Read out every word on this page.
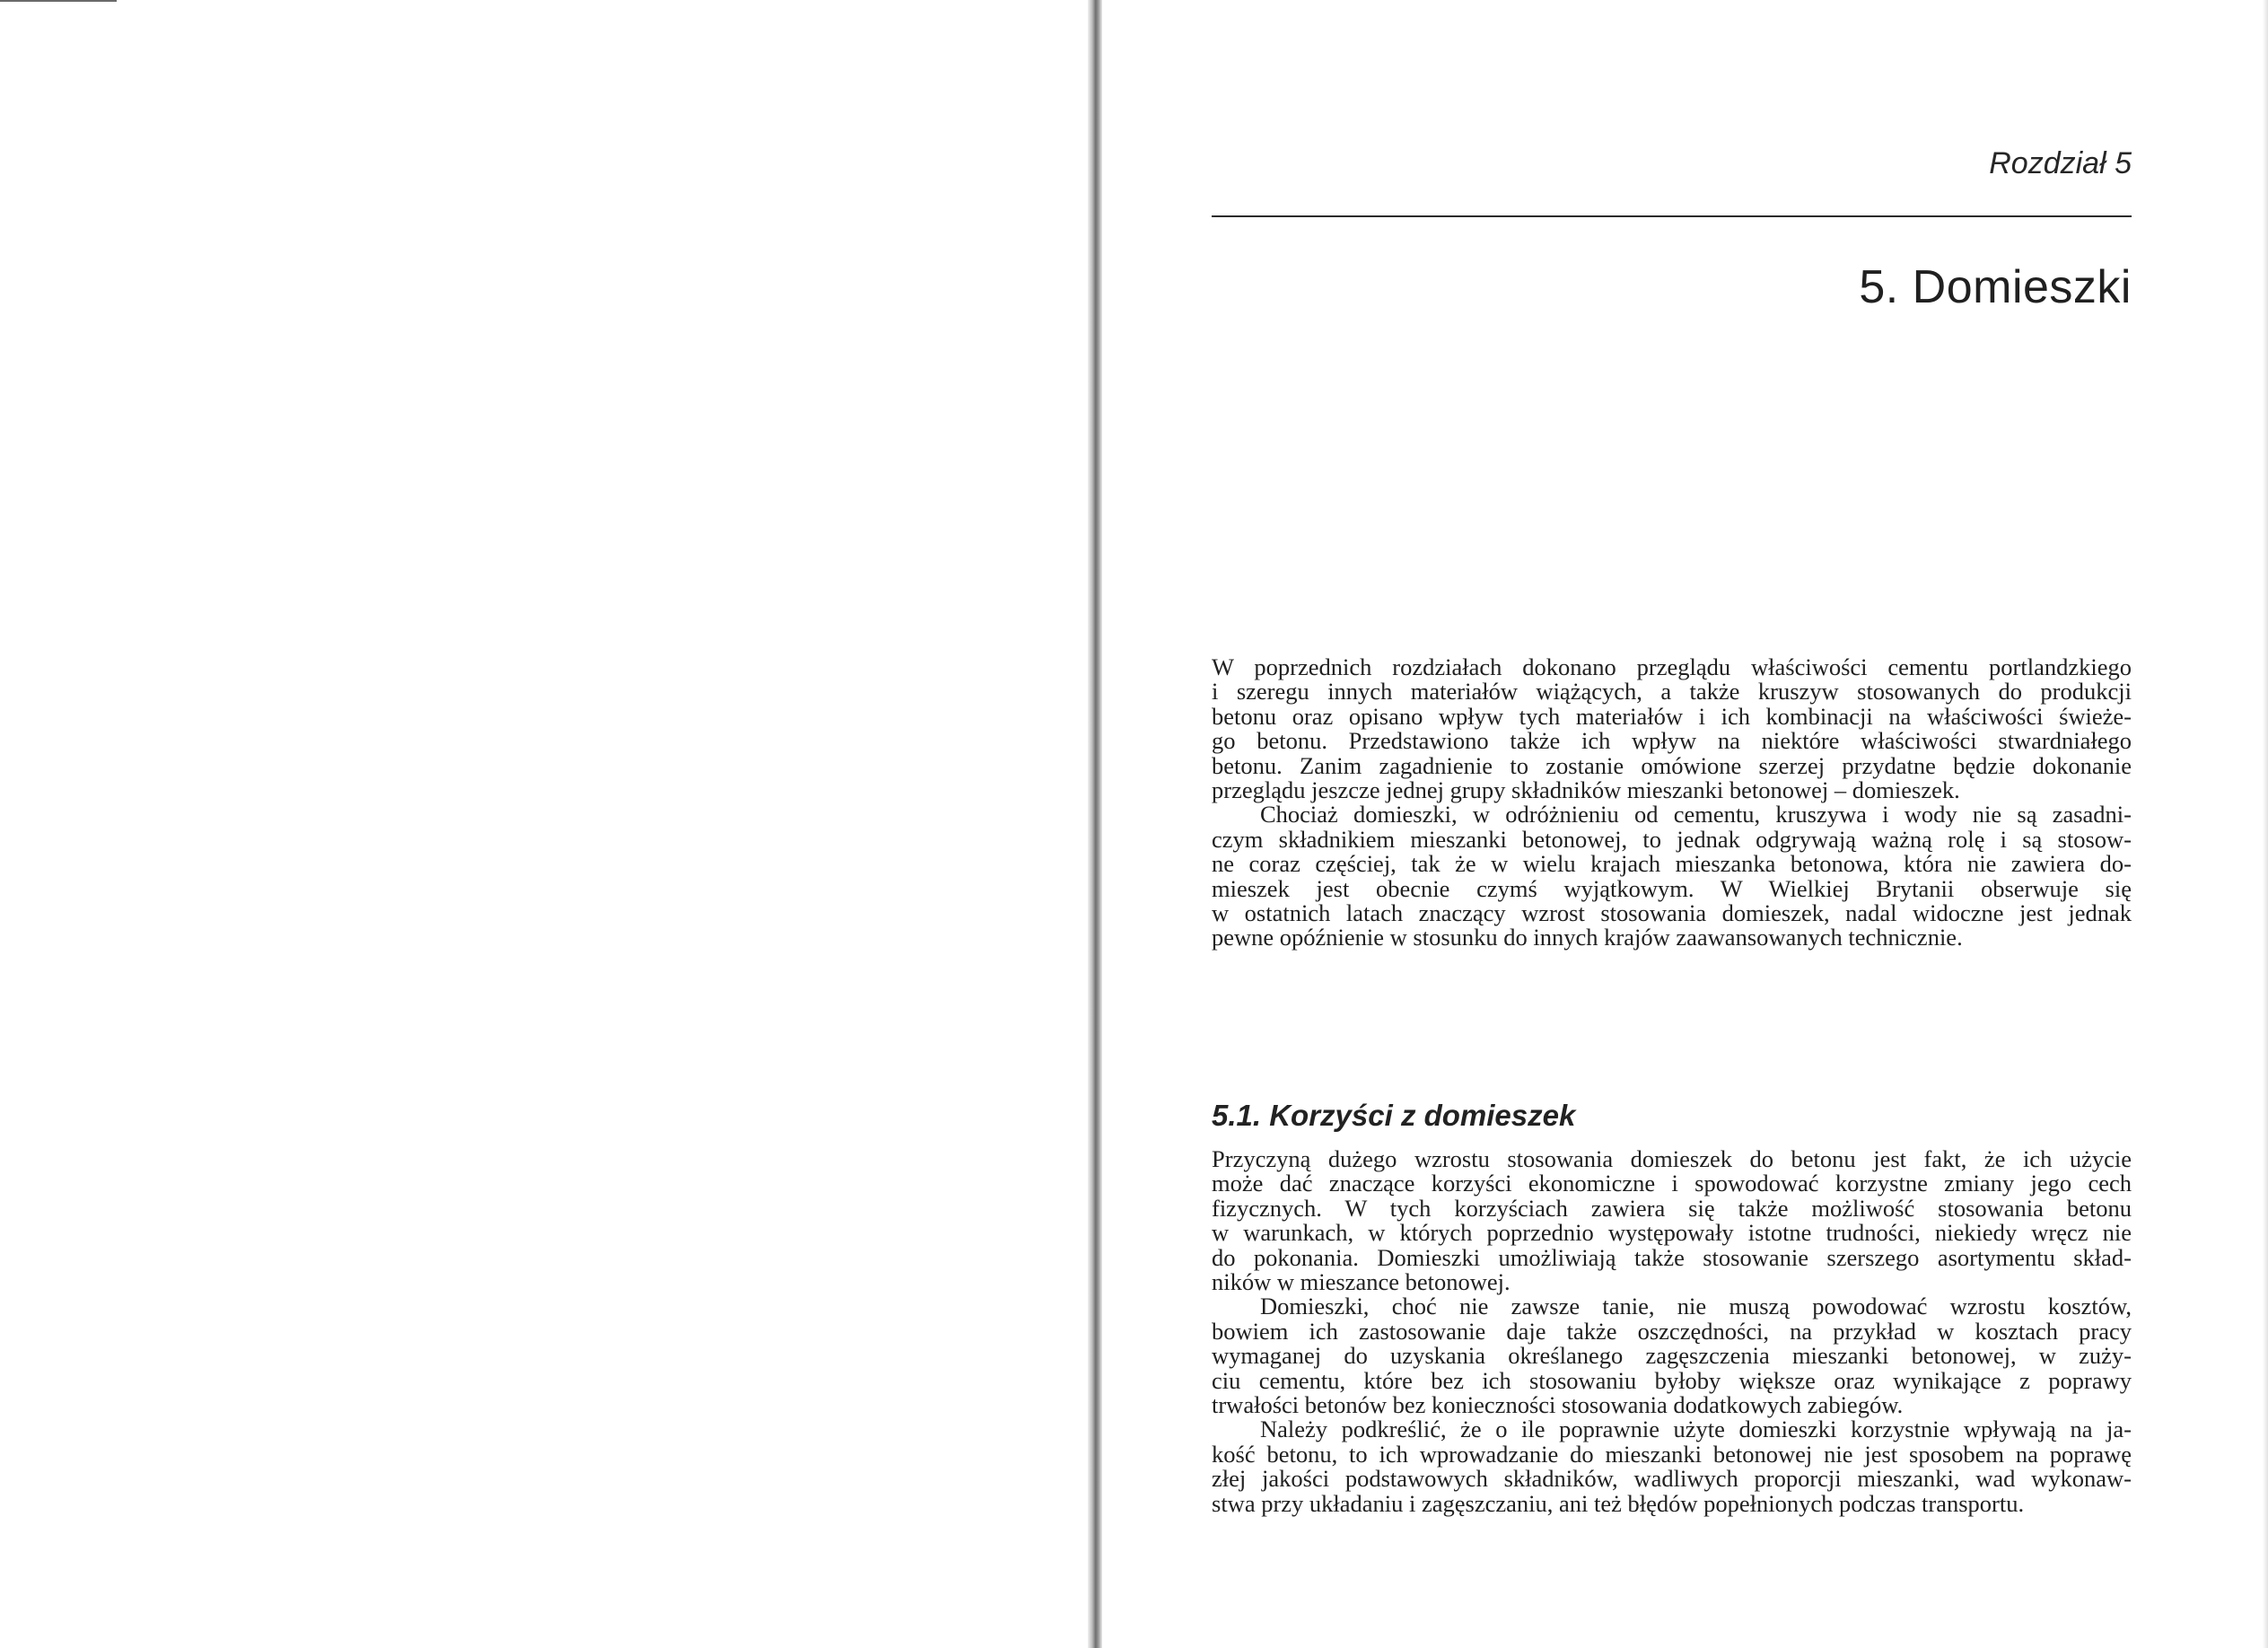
Rozdział 5
5. Domieszki
W poprzednich rozdziałach dokonano przeglądu właściwości cementu portlandzkiego
i szeregu innych materiałów wiążących, a także kruszyw stosowanych do produkcji
betonu oraz opisano wpływ tych materiałów i ich kombinacji na właściwości świeże-
go betonu. Przedstawiono także ich wpływ na niektóre właściwości stwardniałego
betonu. Zanim zagadnienie to zostanie omówione szerzej przydatne będzie dokonanie
przeglądu jeszcze jednej grupy składników mieszanki betonowej – domieszek.
Chociaż domieszki, w odróżnieniu od cementu, kruszywa i wody nie są zasadni-
czym składnikiem mieszanki betonowej, to jednak odgrywają ważną rolę i są stosow-
ne coraz częściej, tak że w wielu krajach mieszanka betonowa, która nie zawiera do-
mieszek jest obecnie czymś wyjątkowym. W Wielkiej Brytanii obserwuje się
w ostatnich latach znaczący wzrost stosowania domieszek, nadal widoczne jest jednak
pewne opóźnienie w stosunku do innych krajów zaawansowanych technicznie.
5.1. Korzyści z domieszek
Przyczyną dużego wzrostu stosowania domieszek do betonu jest fakt, że ich użycie
może dać znaczące korzyści ekonomiczne i spowodować korzystne zmiany jego cech
fizycznych. W tych korzyściach zawiera się także możliwość stosowania betonu
w warunkach, w których poprzednio występowały istotne trudności, niekiedy wręcz nie
do pokonania. Domieszki umożliwiają także stosowanie szerszego asortymentu skład-
ników w mieszance betonowej.
Domieszki, choć nie zawsze tanie, nie muszą powodować wzrostu kosztów,
bowiem ich zastosowanie daje także oszczędności, na przykład w kosztach pracy
wymaganej do uzyskania określanego zagęszczenia mieszanki betonowej, w zuży-
ciu cementu, które bez ich stosowaniu byłoby większe oraz wynikające z poprawy
trwałości betonów bez konieczności stosowania dodatkowych zabiegów.
Należy podkreślić, że o ile poprawnie użyte domieszki korzystnie wpływają na ja-
kość betonu, to ich wprowadzanie do mieszanki betonowej nie jest sposobem na poprawę
złej jakości podstawowych składników, wadliwych proporcji mieszanki, wad wykonaw-
stwa przy układaniu i zagęszczaniu, ani też błędów popełnionych podczas transportu.
